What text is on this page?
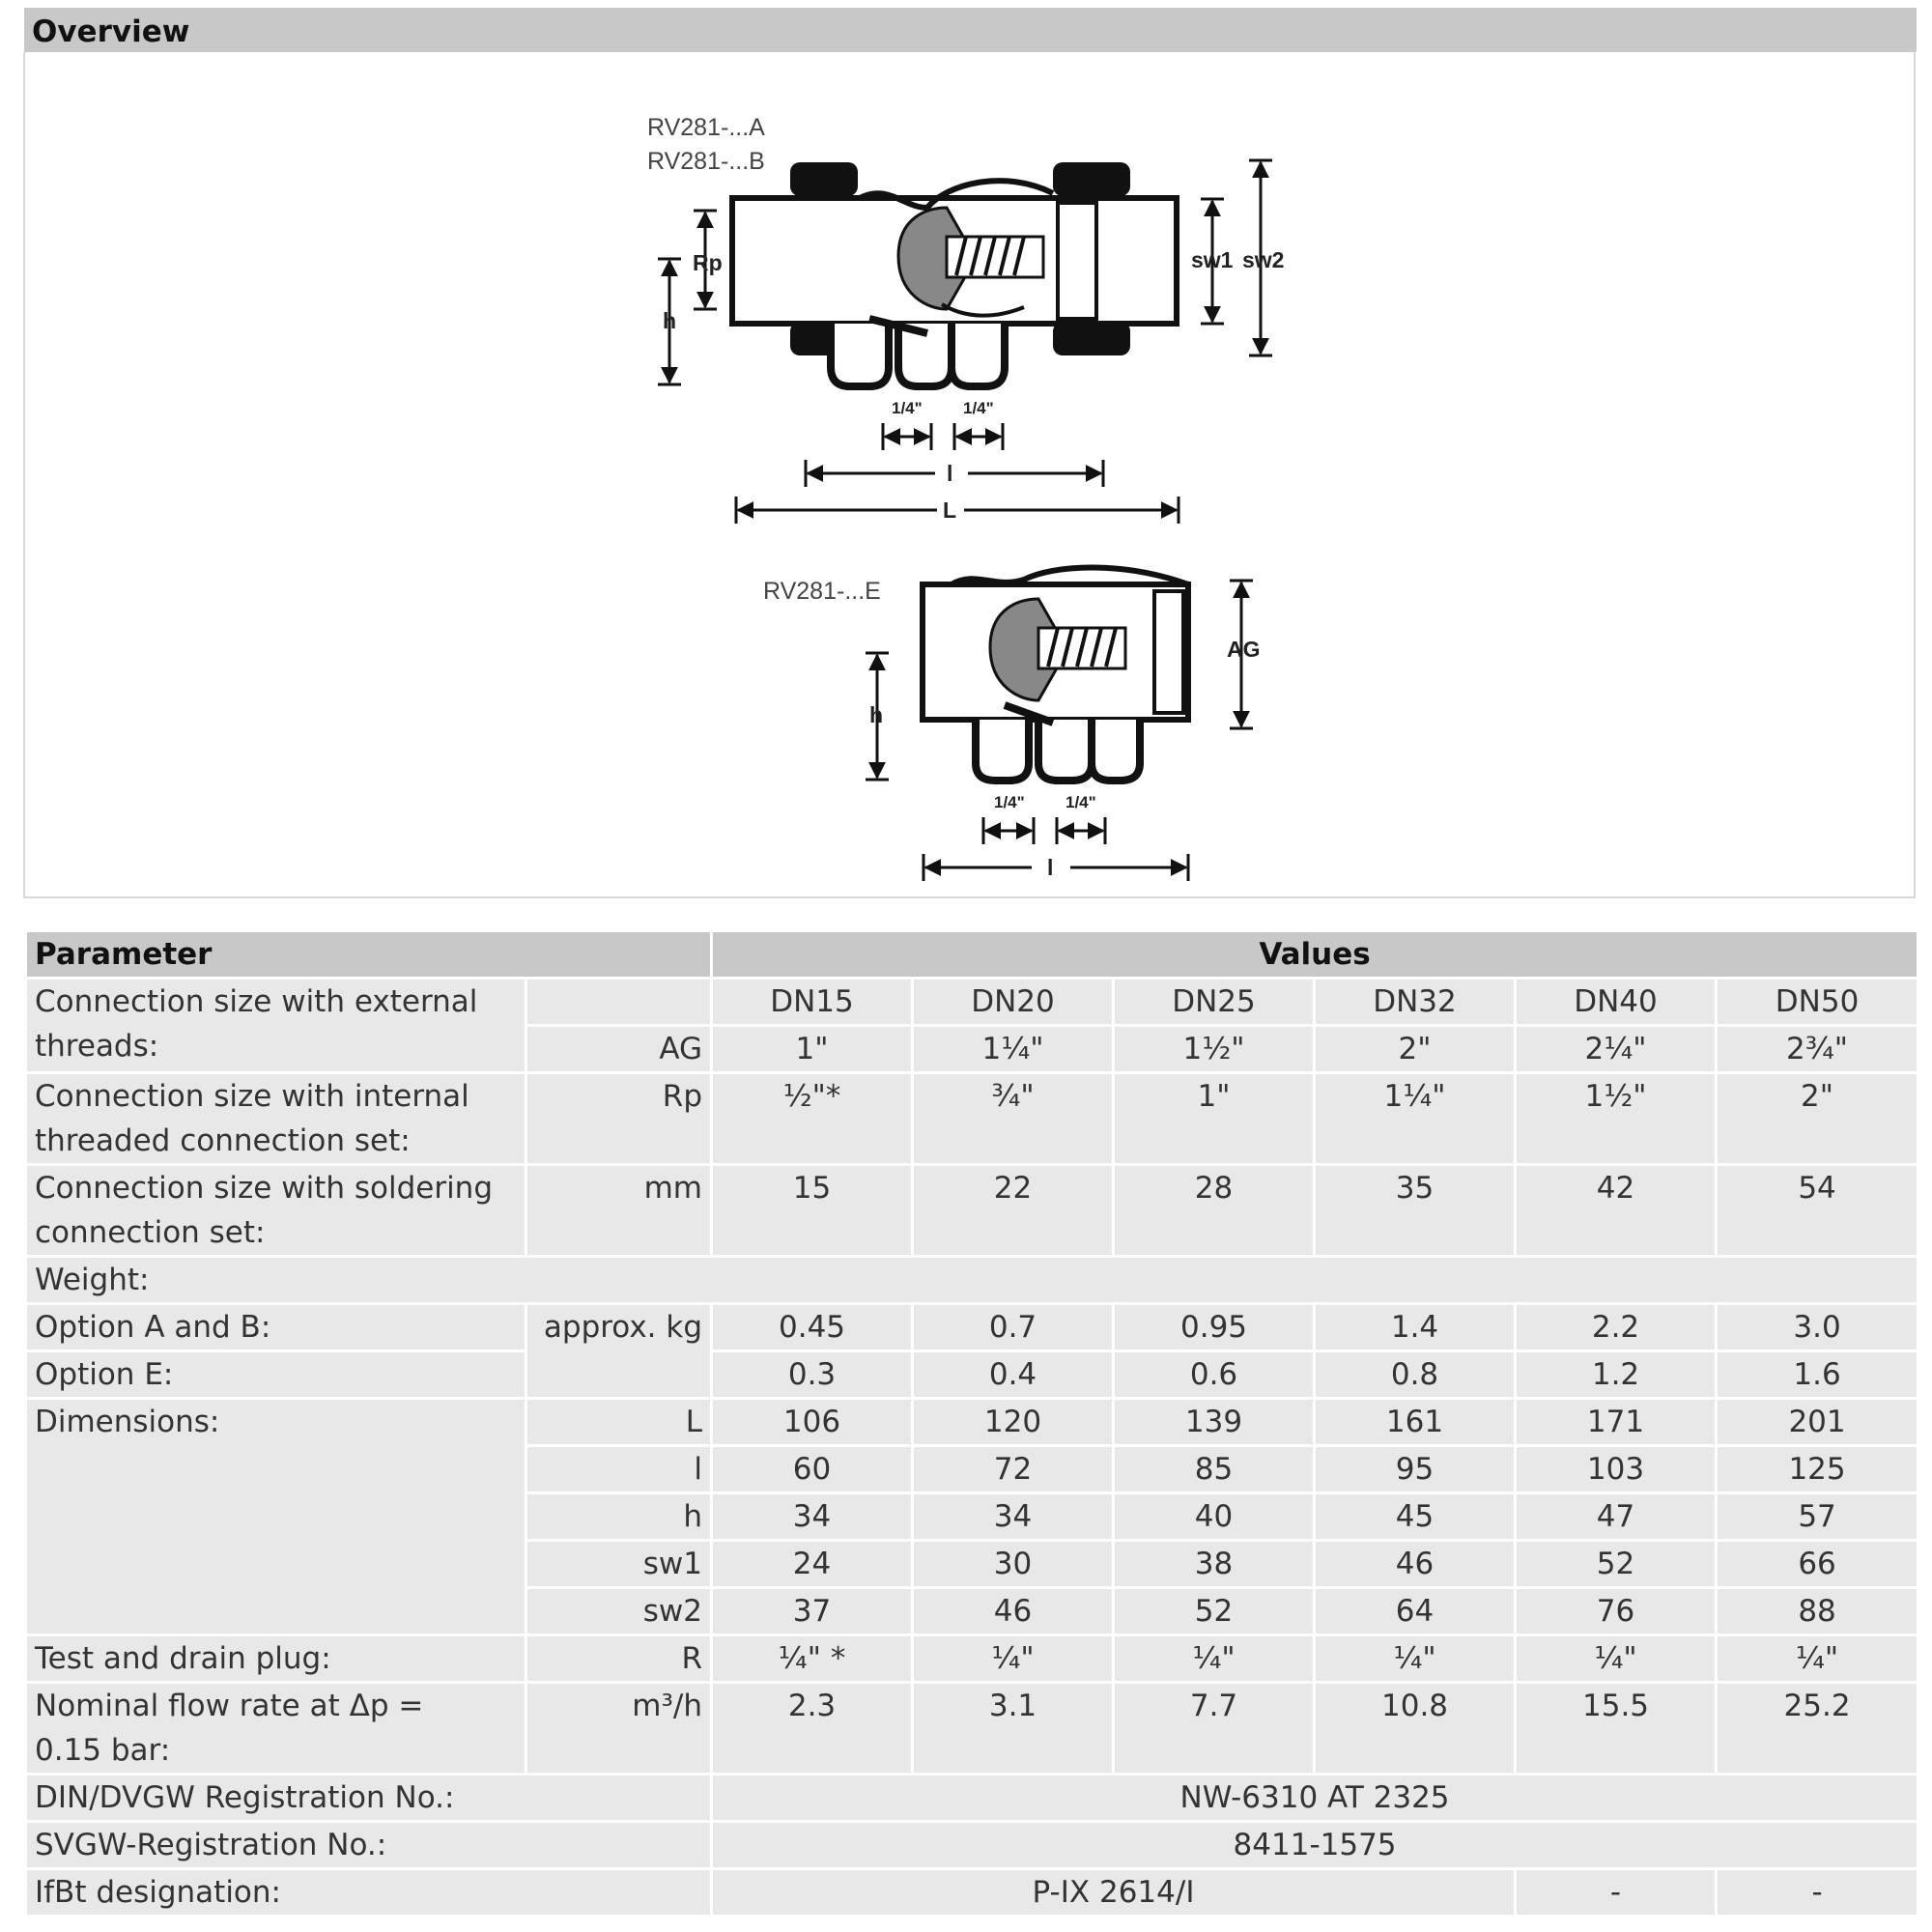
Overview
RV281-...A
RV281-...B
Rp
h
sw1 sw2
1/4" 1/4"
l
L
RV281-...E
AG
h
1/4" 1/4"
l
Parameter		Values					
Connection size with external
threads:		DN15	DN20	DN25	DN32	DN40	DN50
	AG	1"	1¼"	1½"	2"	2¼"	2¾"
Connection size with internal
threaded connection set:	Rp	½"*	¾"	1"	1¼"	1½"	2"
Connection size with soldering
connection set:	mm	15	22	28	35	42	54
Weight:							
Option A and B:	approx. kg	0.45	0.7	0.95	1.4	2.2	3.0
Option E:		0.3	0.4	0.6	0.8	1.2	1.6
Dimensions:	L	106	120	139	161	171	201
	l	60	72	85	95	103	125
	h	34	34	40	45	47	57
	sw1	24	30	38	46	52	66
	sw2	37	46	52	64	76	88
Test and drain plug:	R	¼" *	¼"	¼"	¼"	¼"	¼"
Nominal flow rate at Δp =
0.15 bar:	m³/h	2.3	3.1	7.7	10.8	15.5	25.2
DIN/DVGW Registration No.:		NW-6310 AT 2325					
SVGW-Registration No.:		8411-1575					
IfBt designation:		P-IX 2614/I				-	-
